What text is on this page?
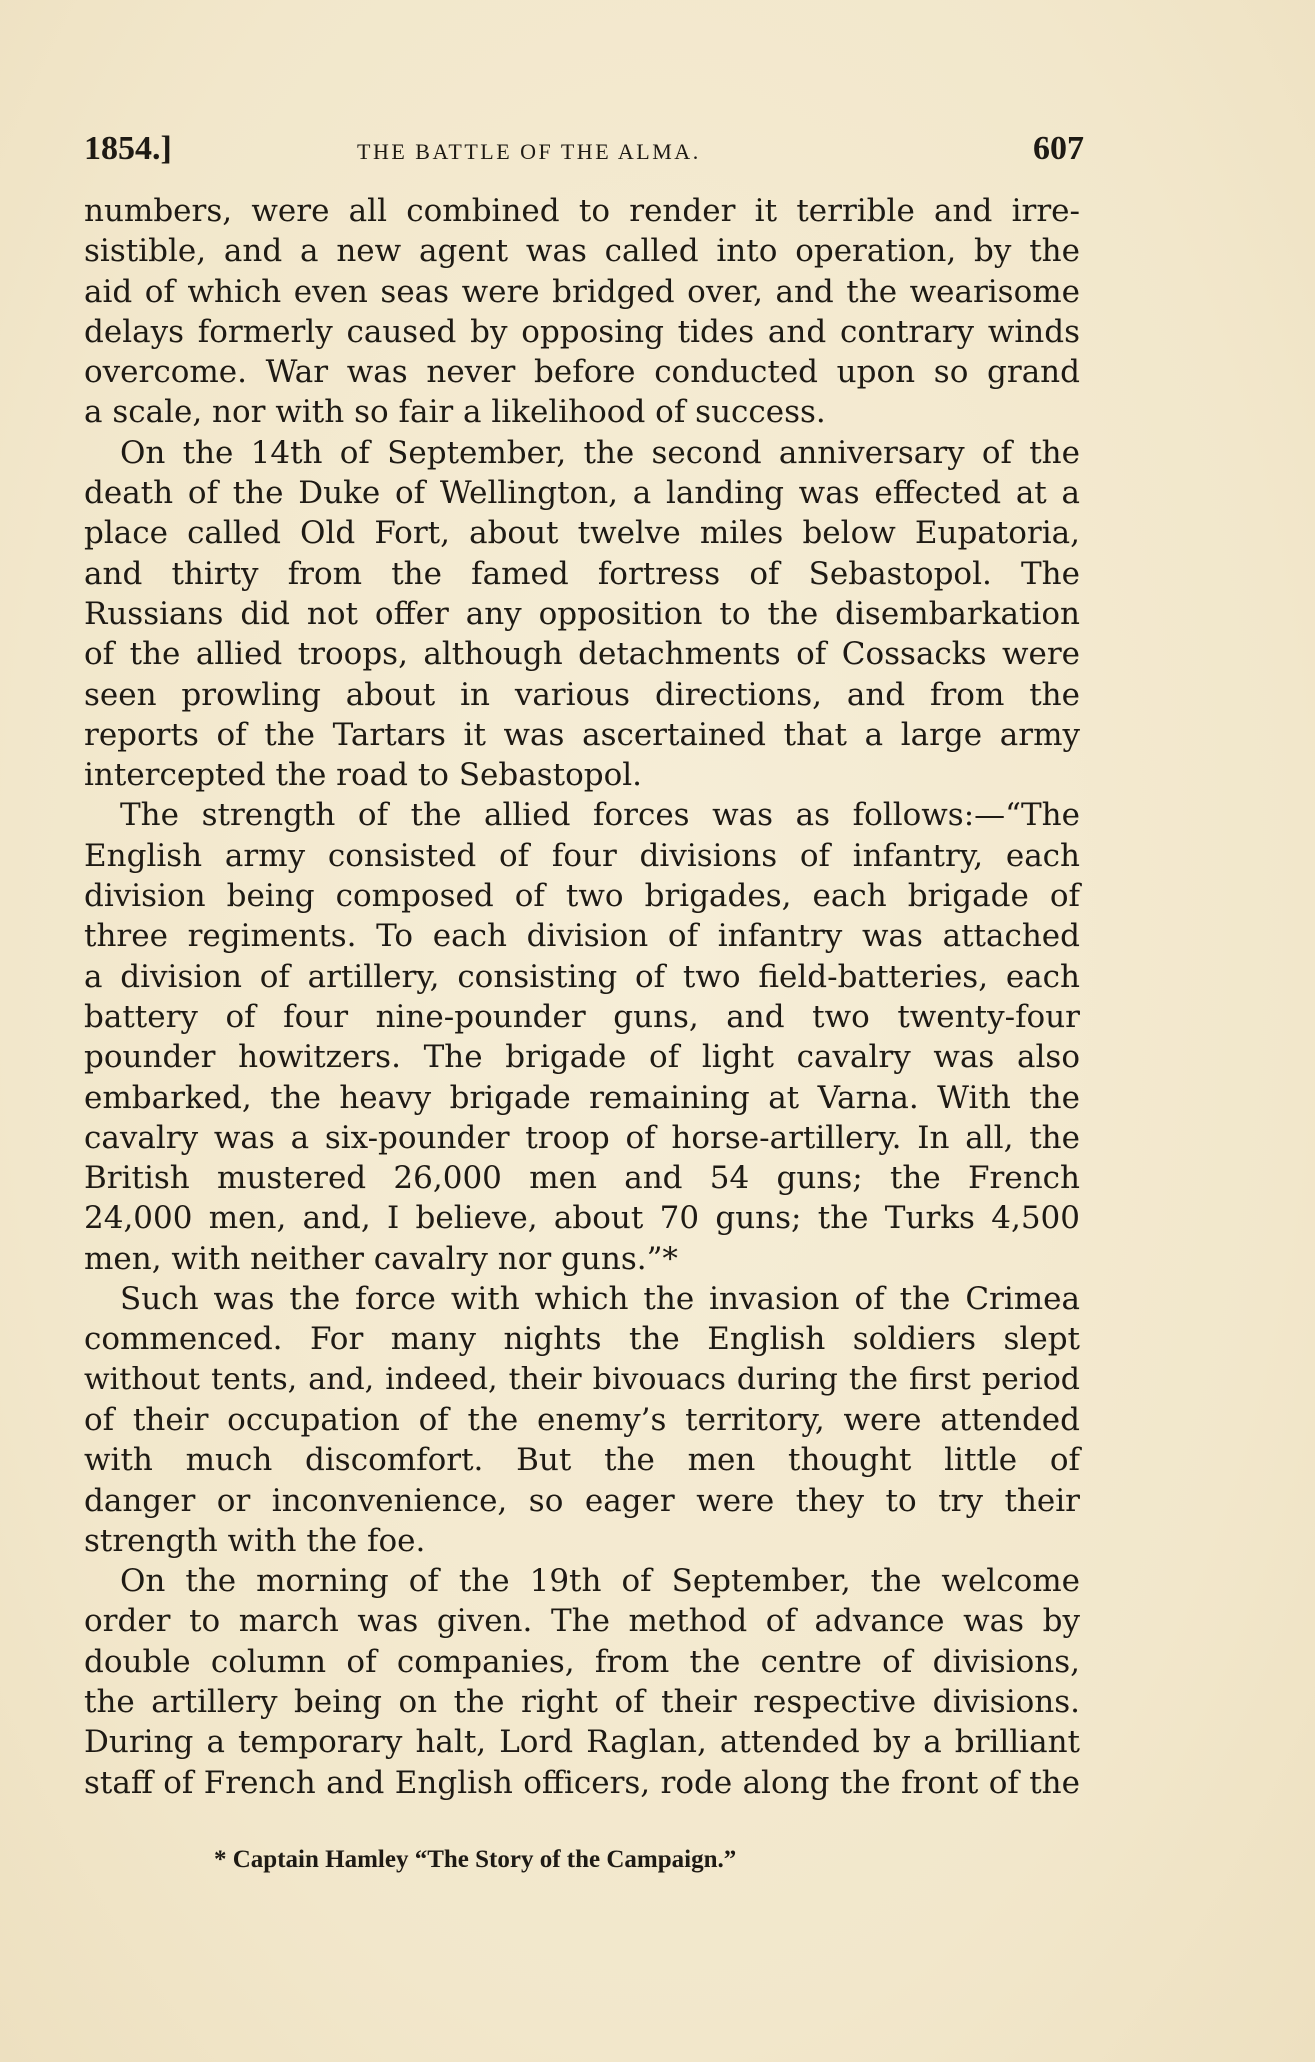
1854.]	THE BATTLE OF THE ALMA.	607
numbers, were all combined to render it terrible and irre-
sistible, and a new agent was called into operation, by the
aid of which even seas were bridged over, and the wearisome
delays formerly caused by opposing tides and contrary winds
overcome. War was never before conducted upon so grand
a scale, nor with so fair a likelihood of success.
On the 14th of September, the second anniversary of the
death of the Duke of Wellington, a landing was effected at a
place called Old Fort, about twelve miles below Eupatoria,
and thirty from the famed fortress of Sebastopol. The
Russians did not offer any opposition to the disembarkation
of the allied troops, although detachments of Cossacks were
seen prowling about in various directions, and from the
reports of the Tartars it was ascertained that a large army
intercepted the road to Sebastopol.
The strength of the allied forces was as follows:—“The
English army consisted of four divisions of infantry, each
division being composed of two brigades, each brigade of
three regiments. To each division of infantry was attached
a division of artillery, consisting of two field-batteries, each
battery of four nine-pounder guns, and two twenty-four
pounder howitzers. The brigade of light cavalry was also
embarked, the heavy brigade remaining at Varna. With the
cavalry was a six-pounder troop of horse-artillery. In all, the
British mustered 26,000 men and 54 guns; the French
24,000 men, and, I believe, about 70 guns; the Turks 4,500
men, with neither cavalry nor guns.”*
Such was the force with which the invasion of the Crimea
commenced. For many nights the English soldiers slept
without tents, and, indeed, their bivouacs during the first period
of their occupation of the enemy’s territory, were attended
with much discomfort. But the men thought little of
danger or inconvenience, so eager were they to try their
strength with the foe.
On the morning of the 19th of September, the welcome
order to march was given. The method of advance was by
double column of companies, from the centre of divisions,
the artillery being on the right of their respective divisions.
During a temporary halt, Lord Raglan, attended by a brilliant
staff of French and English officers, rode along the front of the
* Captain Hamley “The Story of the Campaign.”
